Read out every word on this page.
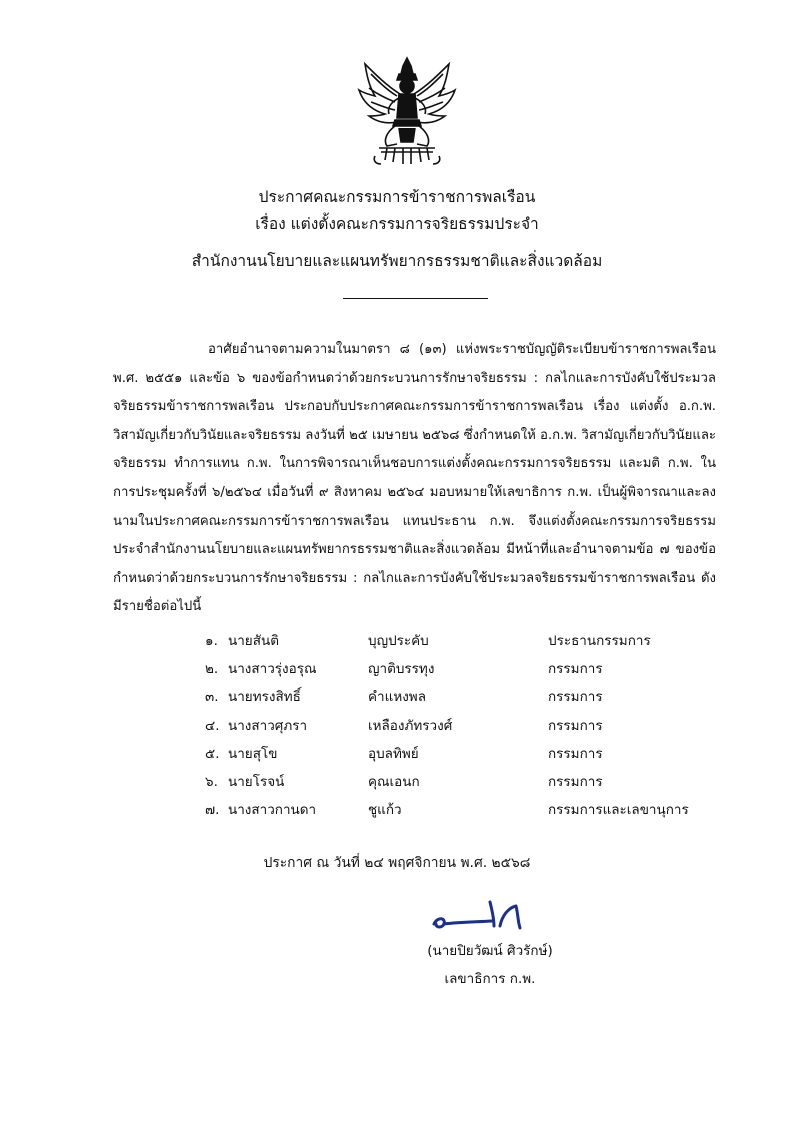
ประกาศคณะกรรมการข้าราชการพลเรือน
เรื่อง แต่งตั้งคณะกรรมการจริยธรรมประจำ
สำนักงานนโยบายและแผนทรัพยากรธรรมชาติและสิ่งแวดล้อม
อาศัยอำนาจตามความในมาตรา ๘ (๑๓) แห่งพระราชบัญญัติระเบียบข้าราชการพลเรือน พ.ศ. ๒๕๕๑ และข้อ ๖ ของข้อกำหนดว่าด้วยกระบวนการรักษาจริยธรรม : กลไกและการบังคับใช้ประมวลจริยธรรมข้าราชการพลเรือน ประกอบกับประกาศคณะกรรมการข้าราชการพลเรือน เรื่อง แต่งตั้ง อ.ก.พ. วิสามัญเกี่ยวกับวินัยและจริยธรรม ลงวันที่ ๒๕ เมษายน ๒๕๖๘ ซึ่งกำหนดให้ อ.ก.พ. วิสามัญเกี่ยวกับวินัยและจริยธรรม ทำการแทน ก.พ. ในการพิจารณาเห็นชอบการแต่งตั้งคณะกรรมการจริยธรรม และมติ ก.พ. ในการประชุมครั้งที่ ๖/๒๕๖๔ เมื่อวันที่ ๙ สิงหาคม ๒๕๖๔ มอบหมายให้เลขาธิการ ก.พ. เป็นผู้พิจารณาและลงนามในประกาศคณะกรรมการข้าราชการพลเรือน แทนประธาน ก.พ. จึงแต่งตั้งคณะกรรมการจริยธรรมประจำสำนักงานนโยบายและแผนทรัพยากรธรรมชาติและสิ่งแวดล้อม มีหน้าที่และอำนาจตามข้อ ๗ ของข้อกำหนดว่าด้วยกระบวนการรักษาจริยธรรม : กลไกและการบังคับใช้ประมวลจริยธรรมข้าราชการพลเรือน ดังมีรายชื่อต่อไปนี้
๑. นายสันติ	บุญประคับ	ประธานกรรมการ
๒. นางสาวรุ่งอรุณ	ญาติบรรทุง	กรรมการ
๓. นายทรงสิทธิ์	คำแหงพล	กรรมการ
๔. นางสาวศุภรา	เหลืองภัทรวงศ์	กรรมการ
๕. นายสุโข	อุบลทิพย์	กรรมการ
๖. นายโรจน์	คุณเอนก	กรรมการ
๗. นางสาวกานดา	ชูแก้ว	กรรมการและเลขานุการ
ประกาศ ณ วันที่ ๒๔ พฤศจิกายน พ.ศ. ๒๕๖๘
(นายปิยวัฒน์ ศิวรักษ์)
เลขาธิการ ก.พ.
